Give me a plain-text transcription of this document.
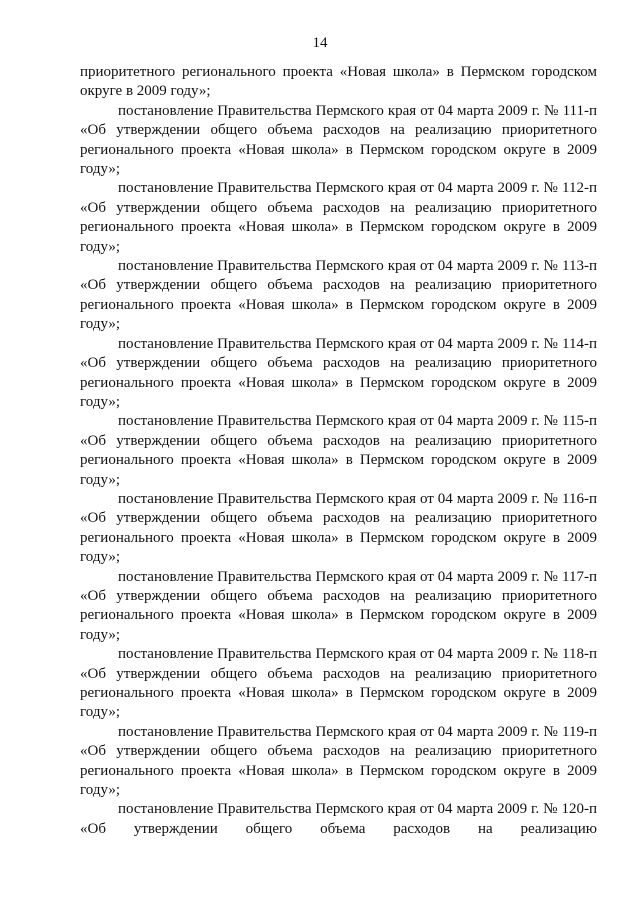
14

приоритетного регионального проекта «Новая школа» в Пермском городском округе в 2009 году»;

постановление Правительства Пермского края от 04 марта 2009 г. № 111-п «Об утверждении общего объема расходов на реализацию приоритетного регионального проекта «Новая школа» в Пермском городском округе в 2009 году»;

постановление Правительства Пермского края от 04 марта 2009 г. № 112-п «Об утверждении общего объема расходов на реализацию приоритетного регионального проекта «Новая школа» в Пермском городском округе в 2009 году»;

постановление Правительства Пермского края от 04 марта 2009 г. № 113-п «Об утверждении общего объема расходов на реализацию приоритетного регионального проекта «Новая школа» в Пермском городском округе в 2009 году»;

постановление Правительства Пермского края от 04 марта 2009 г. № 114-п «Об утверждении общего объема расходов на реализацию приоритетного регионального проекта «Новая школа» в Пермском городском округе в 2009 году»;

постановление Правительства Пермского края от 04 марта 2009 г. № 115-п «Об утверждении общего объема расходов на реализацию приоритетного регионального проекта «Новая школа» в Пермском городском округе в 2009 году»;

постановление Правительства Пермского края от 04 марта 2009 г. № 116-п «Об утверждении общего объема расходов на реализацию приоритетного регионального проекта «Новая школа» в Пермском городском округе в 2009 году»;

постановление Правительства Пермского края от 04 марта 2009 г. № 117-п «Об утверждении общего объема расходов на реализацию приоритетного регионального проекта «Новая школа» в Пермском городском округе в 2009 году»;

постановление Правительства Пермского края от 04 марта 2009 г. № 118-п «Об утверждении общего объема расходов на реализацию приоритетного регионального проекта «Новая школа» в Пермском городском округе в 2009 году»;

постановление Правительства Пермского края от 04 марта 2009 г. № 119-п «Об утверждении общего объема расходов на реализацию приоритетного регионального проекта «Новая школа» в Пермском городском округе в 2009 году»;

постановление Правительства Пермского края от 04 марта 2009 г. № 120-п «Об утверждении общего объема расходов на реализацию
